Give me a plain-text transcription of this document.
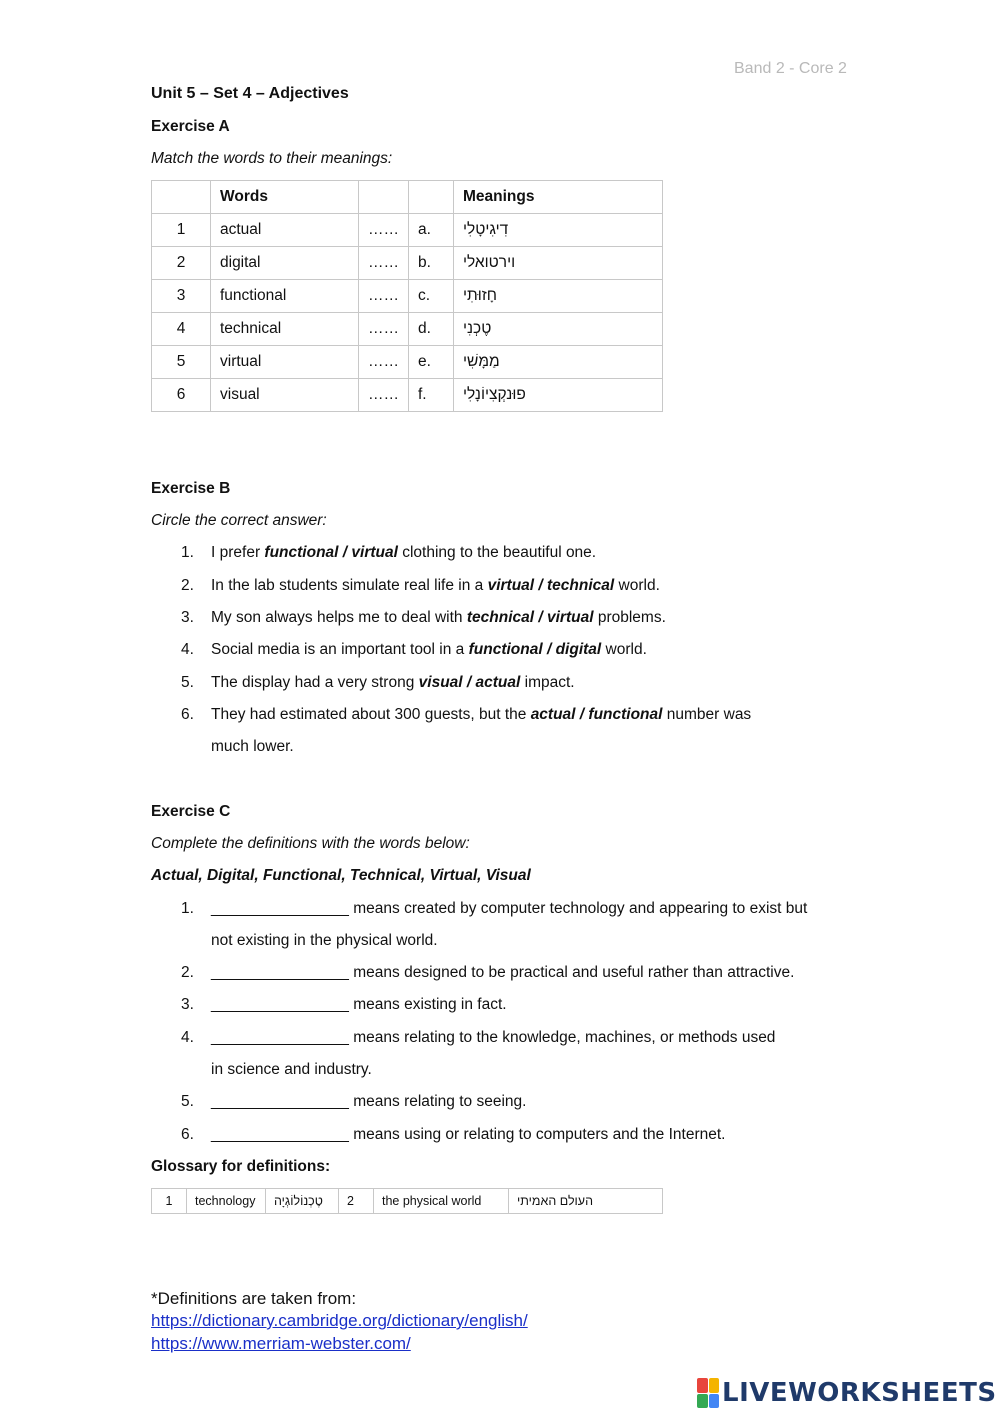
Band 2 - Core 2
Unit 5 – Set 4 – Adjectives
Exercise A
Match the words to their meanings:
	Words			Meanings
1	actual	……	a.	דִיגִיטָלִי
2	digital	……	b.	וירטואלי
3	functional	……	c.	חָזוּתִי
4	technical	……	d.	טֶכְנִי
5	virtual	……	e.	מַמָּשִׁי
6	visual	……	f.	פוּנקְצִיוֹנָלִי
Exercise B
Circle the correct answer:
1. I prefer functional / virtual clothing to the beautiful one.
2. In the lab students simulate real life in a virtual / technical world.
3. My son always helps me to deal with technical / virtual problems.
4. Social media is an important tool in a functional / digital world.
5. The display had a very strong visual / actual impact.
6. They had estimated about 300 guests, but the actual / functional number was
much lower.
Exercise C
Complete the definitions with the words below:
Actual, Digital, Functional, Technical, Virtual, Visual
1. ________________ means created by computer technology and appearing to exist but
not existing in the physical world.
2. ________________ means designed to be practical and useful rather than attractive.
3. ________________ means existing in fact.
4. ________________ means relating to the knowledge, machines, or methods used
in science and industry.
5. ________________ means relating to seeing.
6. ________________ means using or relating to computers and the Internet.
Glossary for definitions:
1	technology	טֶכְנוֹלוֹגְיָה	2	the physical world	העולם האמיתי
*Definitions are taken from:
https://dictionary.cambridge.org/dictionary/english/
https://www.merriam-webster.com/
LIVEWORKSHEETS
